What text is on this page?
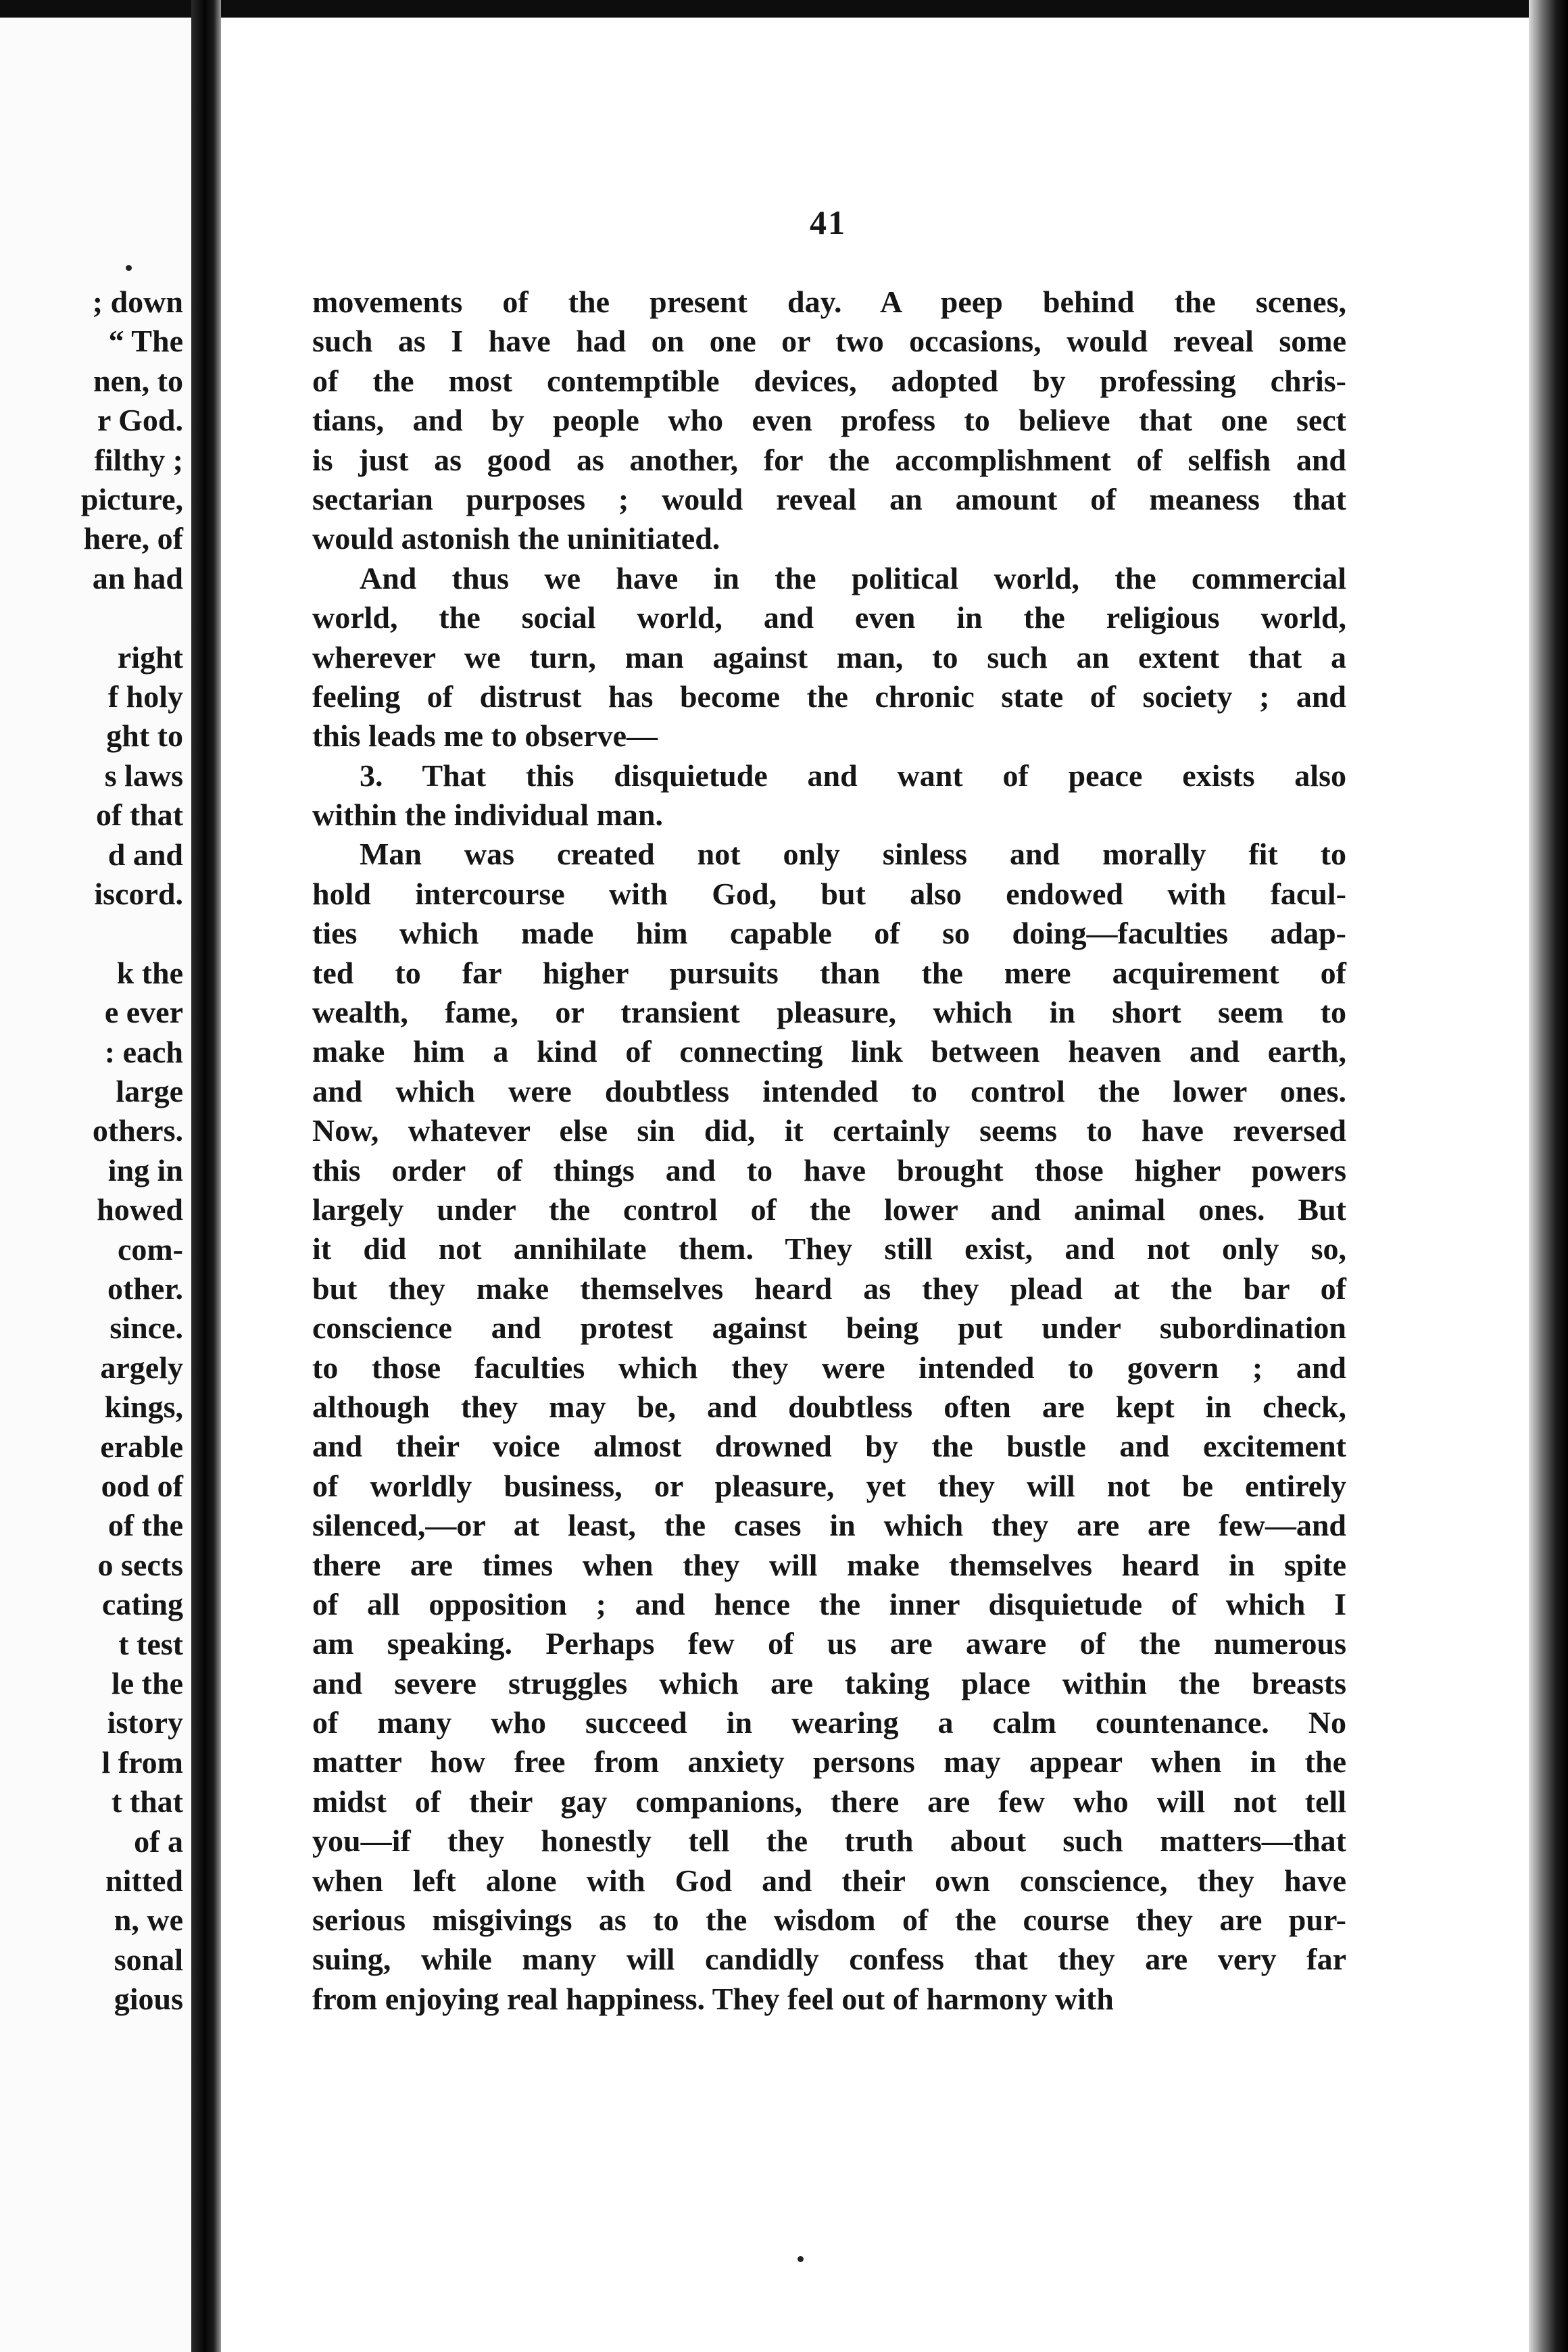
; down
“ The
nen, to
r God.
filthy ;
picture,
here, of
an had
right
f holy
ght to
s laws
of that
d and
iscord.
k the
e ever
: each
large
others.
ing in
howed
com-
other.
since.
argely
kings,
erable
ood of
of the
o sects
cating
t test
le the
istory
l from
t that
of a
nitted
n, we
sonal
gious
41
movements of the present day. A peep behind the scenes,
such as I have had on one or two occasions, would reveal some
of the most contemptible devices, adopted by professing chris-
tians, and by people who even profess to believe that one sect
is just as good as another, for the accomplishment of selfish and
sectarian purposes ; would reveal an amount of meaness that
would astonish the uninitiated.
And thus we have in the political world, the commercial
world, the social world, and even in the religious world,
wherever we turn, man against man, to such an extent that a
feeling of distrust has become the chronic state of society ; and
this leads me to observe—
3. That this disquietude and want of peace exists also
within the individual man.
Man was created not only sinless and morally fit to
hold intercourse with God, but also endowed with facul-
ties which made him capable of so doing—faculties adap-
ted to far higher pursuits than the mere acquirement of
wealth, fame, or transient pleasure, which in short seem to
make him a kind of connecting link between heaven and earth,
and which were doubtless intended to control the lower ones.
Now, whatever else sin did, it certainly seems to have reversed
this order of things and to have brought those higher powers
largely under the control of the lower and animal ones. But
it did not annihilate them. They still exist, and not only so,
but they make themselves heard as they plead at the bar of
conscience and protest against being put under subordination
to those faculties which they were intended to govern ; and
although they may be, and doubtless often are kept in check,
and their voice almost drowned by the bustle and excitement
of worldly business, or pleasure, yet they will not be entirely
silenced,—or at least, the cases in which they are are few—and
there are times when they will make themselves heard in spite
of all opposition ; and hence the inner disquietude of which I
am speaking. Perhaps few of us are aware of the numerous
and severe struggles which are taking place within the breasts
of many who succeed in wearing a calm countenance. No
matter how free from anxiety persons may appear when in the
midst of their gay companions, there are few who will not tell
you—if they honestly tell the truth about such matters—that
when left alone with God and their own conscience, they have
serious misgivings as to the wisdom of the course they are pur-
suing, while many will candidly confess that they are very far
from enjoying real happiness. They feel out of harmony with
